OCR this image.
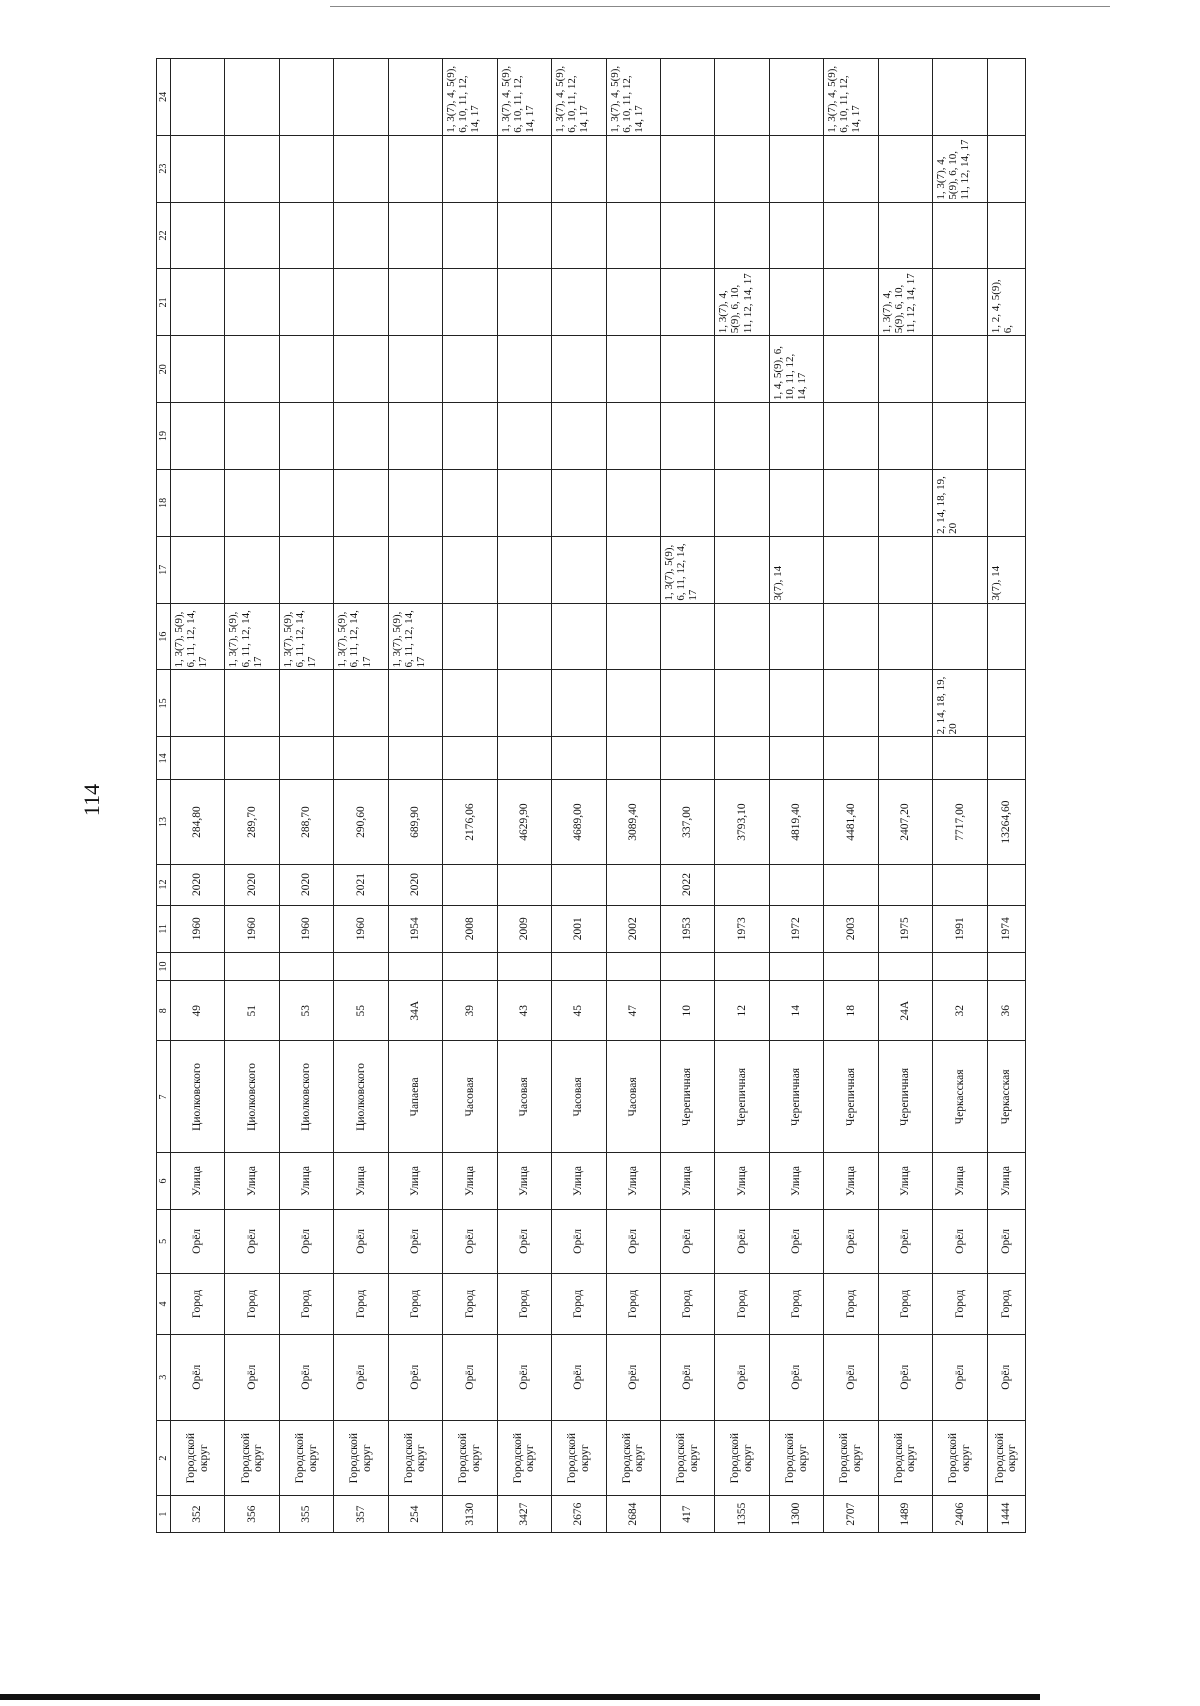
114
1	2	3	4	5	6	7	8	10	11	12	13	14	15	16	17	18	19	20	21	22	23	24
352	Городской округ	Орёл	Город	Орёл	Улица	Циолковского	49		1960	2020	284,80			1, 3(7), 5(9), 6, 11, 12, 14, 17								
356	Городской округ	Орёл	Город	Орёл	Улица	Циолковского	51		1960	2020	289,70			1, 3(7), 5(9), 6, 11, 12, 14, 17								
355	Городской округ	Орёл	Город	Орёл	Улица	Циолковского	53		1960	2020	288,70			1, 3(7), 5(9), 6, 11, 12, 14, 17								
357	Городской округ	Орёл	Город	Орёл	Улица	Циолковского	55		1960	2021	290,60			1, 3(7), 5(9), 6, 11, 12, 14, 17								
254	Городской округ	Орёл	Город	Орёл	Улица	Чапаева	34А		1954	2020	689,90			1, 3(7), 5(9), 6, 11, 12, 14, 17								
3130	Городской округ	Орёл	Город	Орёл	Улица	Часовая	39		2008		2176,06											1, 3(7), 4, 5(9), 6, 10, 11, 12, 14, 17
3427	Городской округ	Орёл	Город	Орёл	Улица	Часовая	43		2009		4629,90											1, 3(7), 4, 5(9), 6, 10, 11, 12, 14, 17
2676	Городской округ	Орёл	Город	Орёл	Улица	Часовая	45		2001		4689,00											1, 3(7), 4, 5(9), 6, 10, 11, 12, 14, 17
2684	Городской округ	Орёл	Город	Орёл	Улица	Часовая	47		2002		3089,40											1, 3(7), 4, 5(9), 6, 10, 11, 12, 14, 17
417	Городской округ	Орёл	Город	Орёл	Улица	Черепичная	10		1953	2022	337,00				1, 3(7), 5(9), 6, 11, 12, 14, 17							
1355	Городской округ	Орёл	Город	Орёл	Улица	Черепичная	12		1973		3793,10								1, 3(7), 4, 5(9), 6, 10, 11, 12, 14, 17			
1300	Городской округ	Орёл	Город	Орёл	Улица	Черепичная	14		1972		4819,40				3(7), 14			1, 4, 5(9), 6, 10, 11, 12, 14, 17				
2707	Городской округ	Орёл	Город	Орёл	Улица	Черепичная	18		2003		4481,40											1, 3(7), 4, 5(9), 6, 10, 11, 12, 14, 17
1489	Городской округ	Орёл	Город	Орёл	Улица	Черепичная	24А		1975		2407,20								1, 3(7), 4, 5(9), 6, 10, 11, 12, 14, 17			
2406	Городской округ	Орёл	Город	Орёл	Улица	Черкасская	32		1991		7717,00		2, 14, 18, 19, 20			2, 14, 18, 19, 20					1, 3(7), 4, 5(9), 6, 10, 11, 12, 14, 17	
1444	Городской округ	Орёл	Город	Орёл	Улица	Черкасская	36		1974		13264,60				3(7), 14				1, 2, 4, 5(9), 6,			
